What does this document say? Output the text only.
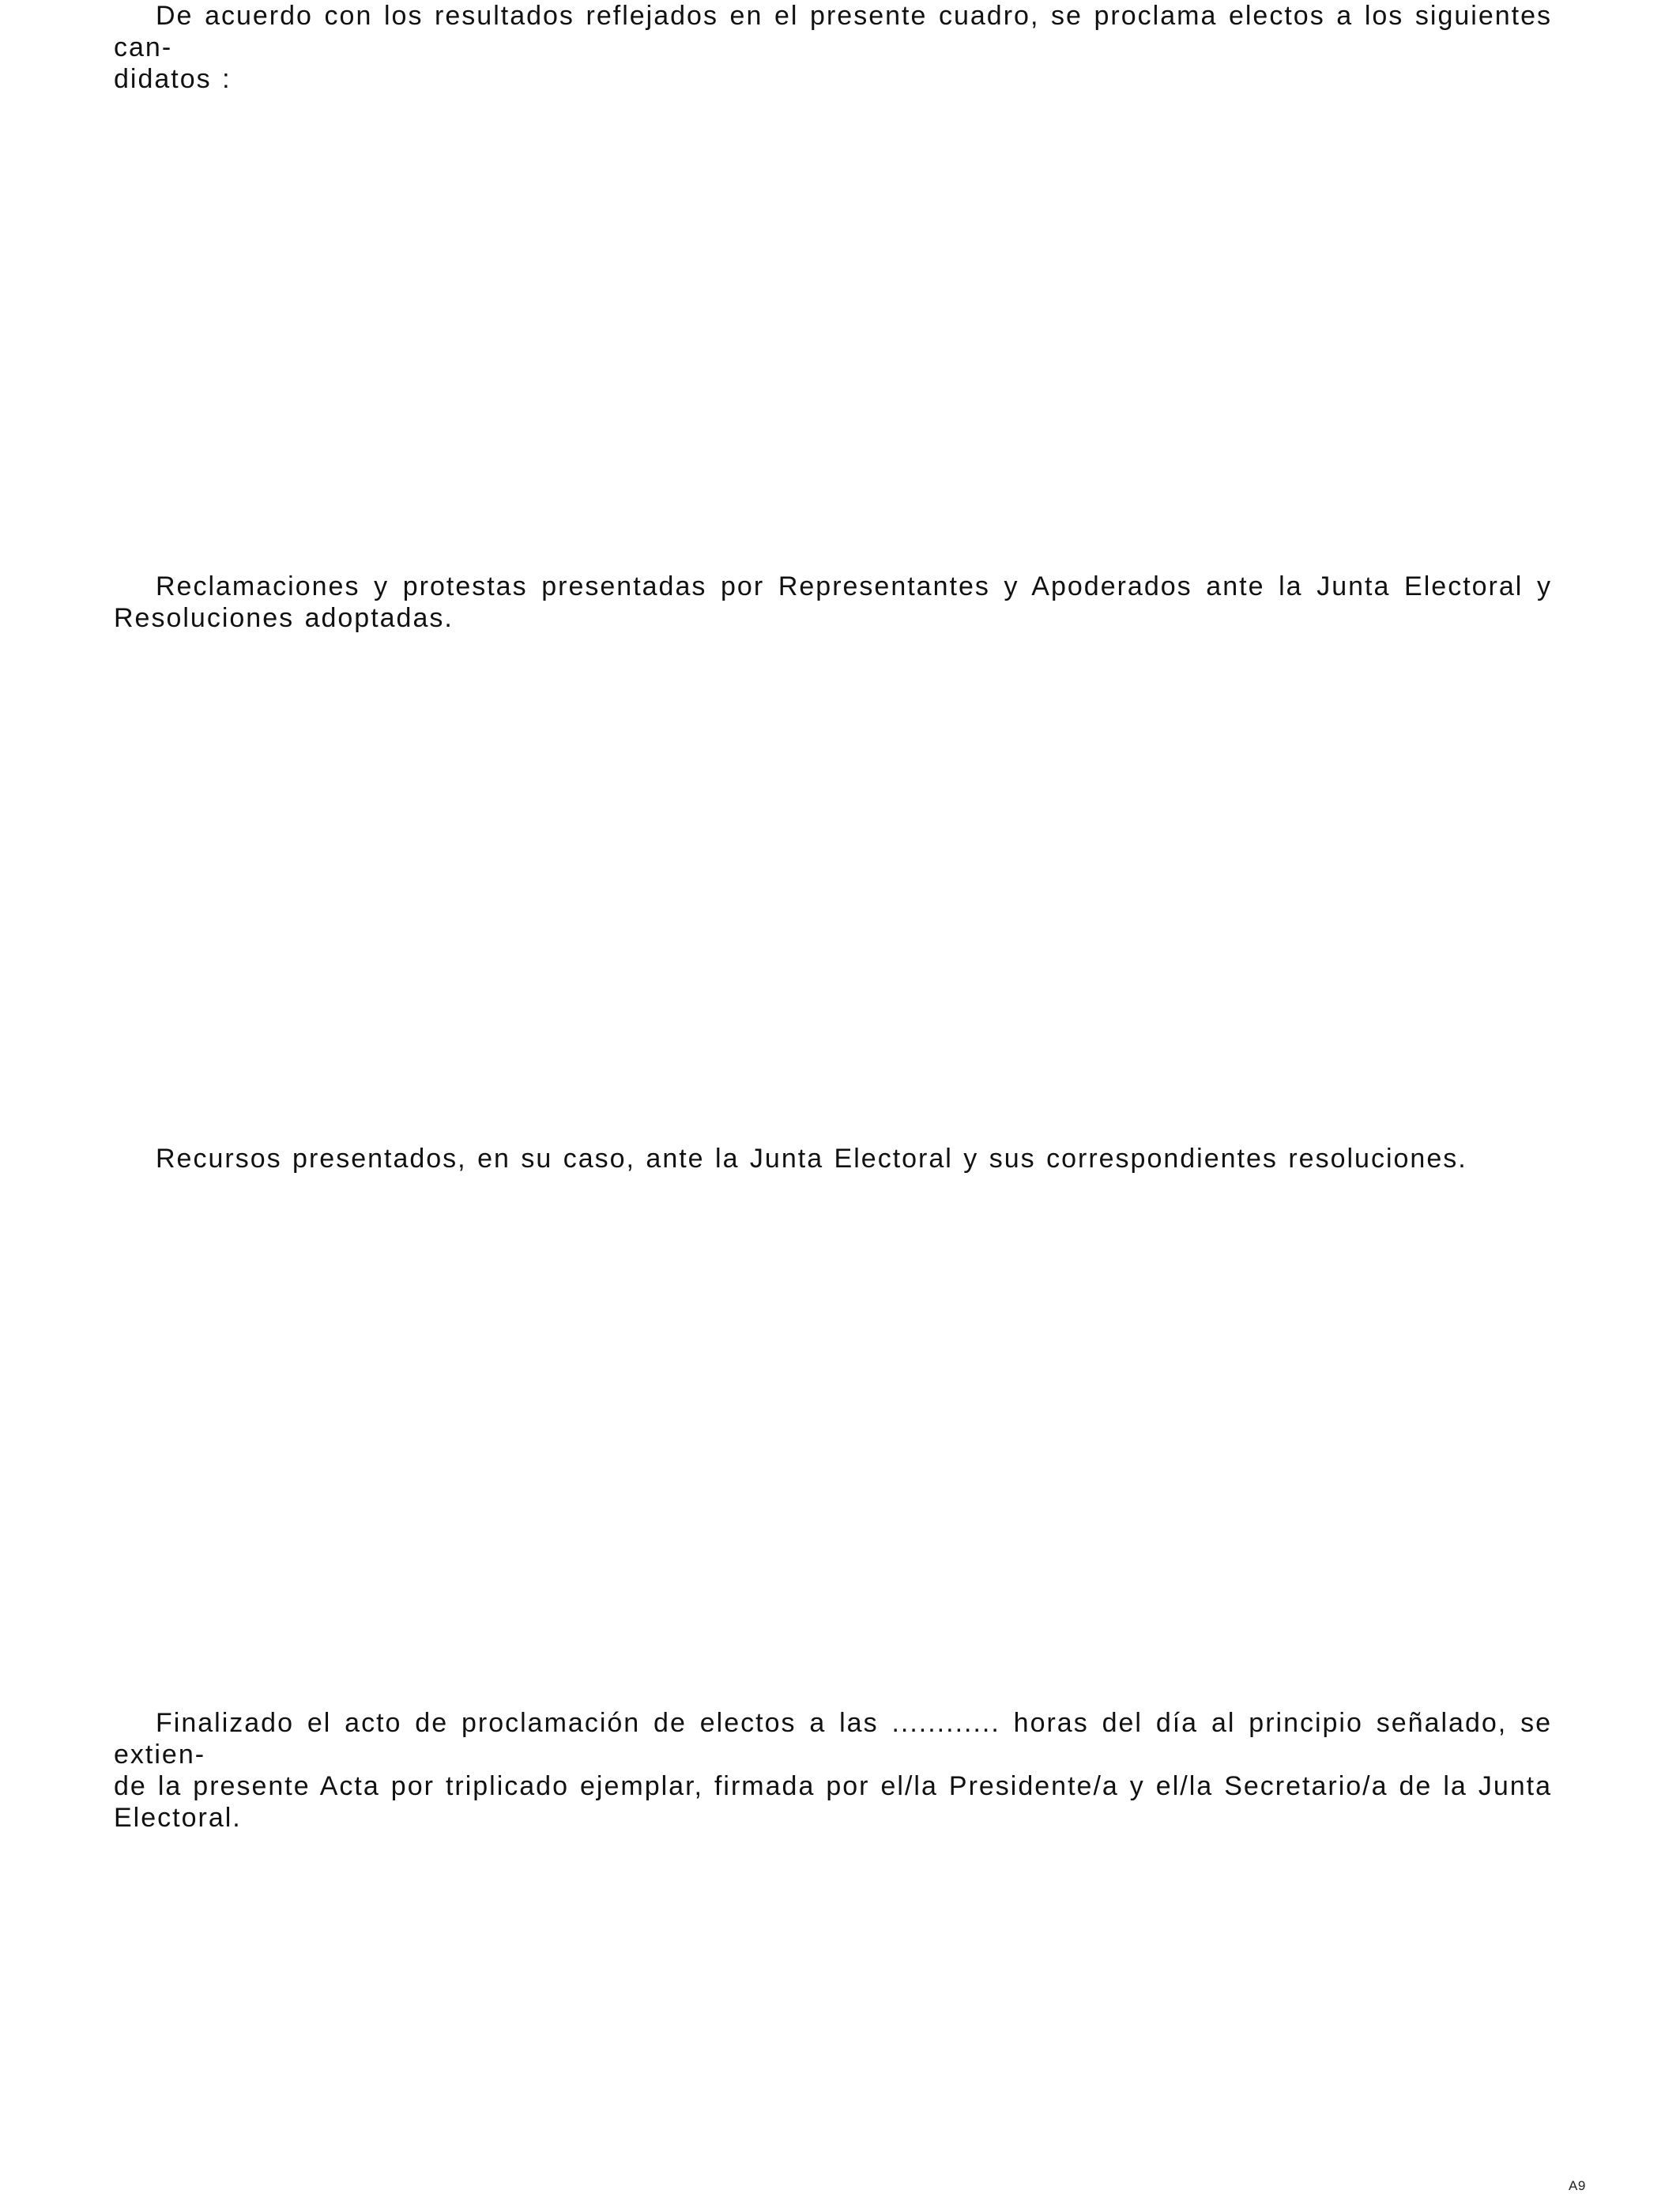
De acuerdo con los resultados reflejados en el presente cuadro, se proclama electos a los siguientes can-
didatos :
Reclamaciones y protestas presentadas por Representantes y Apoderados ante la Junta Electoral y
Resoluciones adoptadas.
Recursos presentados, en su caso, ante la Junta Electoral y sus correspondientes resoluciones.
Finalizado el acto de proclamación de electos a las ............ horas del día al principio señalado, se extien-
de la presente Acta por triplicado ejemplar, firmada por el/la Presidente/a y el/la Secretario/a de la Junta
Electoral.
A9
